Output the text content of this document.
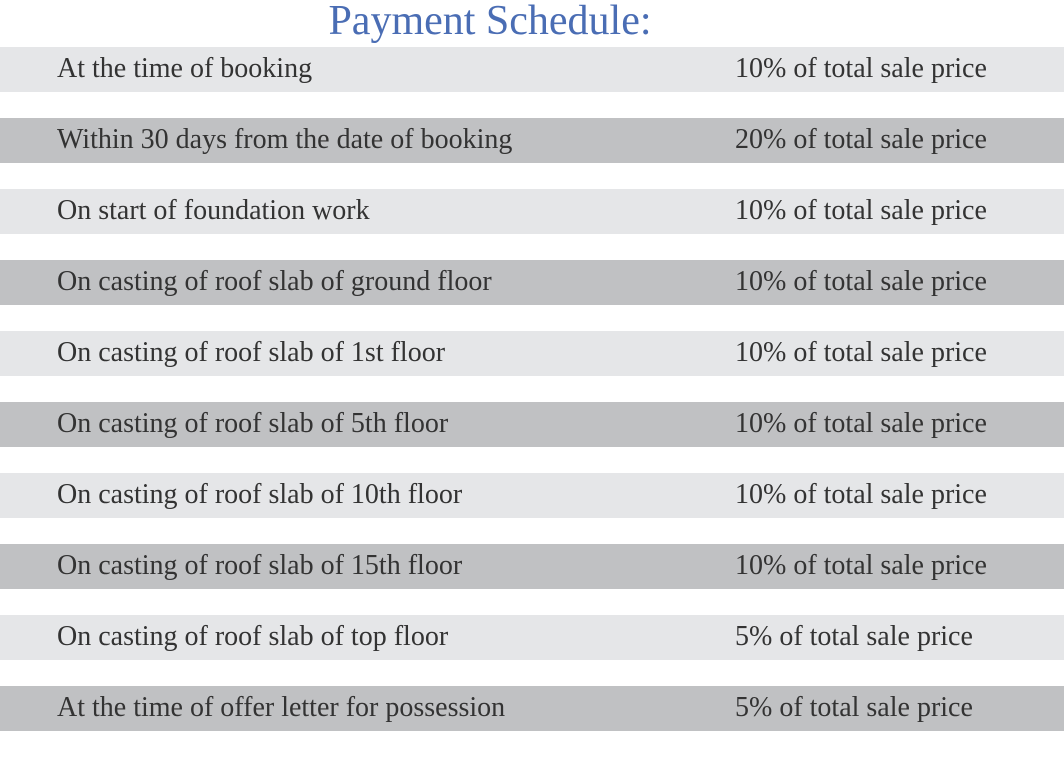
Payment Schedule:
At the time of booking	10% of total sale price
Within 30 days from the date of booking	20% of total sale price
On start of foundation work	10% of total sale price
On casting of roof slab of ground floor	10% of total sale price
On casting of roof slab of 1st floor	10% of total sale price
On casting of roof slab of 5th floor	10% of total sale price
On casting of roof slab of 10th floor	10% of total sale price
On casting of roof slab of 15th floor	10% of total sale price
On casting of roof slab of top floor	5% of total sale price
At the time of offer letter for possession	5% of total sale price
